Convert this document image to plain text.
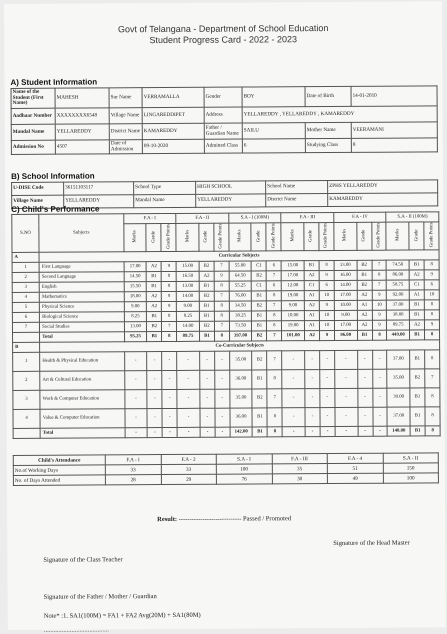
Govt of Telangana - Department of School Education
Student Progress Card - 2022 - 2023
A) Student Information
Name of the Student (First Name)	MAHESH	Sur Name	VERRAMALLA	Gender	BOY	Date of Birth	14-01-2010
Aadhaar Number	XXXXXXXX6548	Village Name	LINGAREDDIPET	Address	YELLAREDDY , YELLAREDDY , KAMAREDDY		
Mandal Name	YELLAREDDY	District Name	KAMAREDDY	Father / Guardian Name	SAILU	Mother Name	VEERAMANI
Admission No	4507	Date of Admission	09-10-2020	Admitted Class	6	Studying Class	8
B) School Information
U-DISE Code	36151103117	School Type	HIGH SCHOOL	School Name	ZPHS YELLAREDDY
Village Name	YELLAREDDY	Mandal Name	YELLAREDDY	District Name	KAMAREDDY
C) Child's Performance
S.NO	Subjects	F.A - I			F.A - II			S.A - I (100M)			F.A - III			F.A - IV			S.A - II (100M)		
		Marks	Grade	Grade Points	Marks	Grade	Grade Points	Marks	Grade	Grade Points	Marks	Grade	Grade Points	Marks	Grade	Grade Points	Marks	Grade	Grade Points
A	Curricular Subjects																		
1	First Language	17.00	A2	9	15.00	B2	7	55.00	C1	6	15.00	B1	8	13.00	B2	7	74.50	B1	8
2	Second Language	14.50	B1	8	16.50	A2	9	64.50	B2	7	17.00	A2	9	16.00	B1	8	86.00	A2	9
3	English	15.50	B1	8	13.00	B1	8	55.25	C1	6	12.00	C1	6	14.00	B2	7	58.75	C1	6
4	Mathematics	18.00	A2	9	14.00	B2	7	76.00	B1	8	19.00	A1	10	17.00	A2	9	92.00	A1	10
5	Physical Science	9.00	A2	9	9.00	B1	8	34.50	B2	7	9.00	A2	9	10.00	A1	10	37.00	B1	8
6	Biological Science	8.25	B1	8	8.25	B1	8	38.25	B1	8	10.00	A1	10	9.00	A2	9	38.88	B1	8
7	Social Studies	13.00	B2	7	14.00	B2	7	73.50	B1	8	19.00	A1	10	17.00	A2	9	89.75	A2	9
	Total	95.25	B1	8	89.75	B1	8	397.00	B2	7	101.00	A2	9	96.00	B1	8	449.00	B1	8
B	Co-Curricular Subjects																		
1	Health & Physical Education	-	-	-	-	-	-	35.00	B2	7	-	-	-	-	-	-	37.00	B1	8
2	Art & Cultural Education	-	-	-	-	-	-	36.00	B1	8	-	-	-	-	-	-	35.00	B2	7
3	Work & Computer Education	-	-	-	-	-	-	35.00	B2	7	-	-	-	-	-	-	39.00	B1	8
4	Value & Computer Education	-	-	-	-	-	-	36.00	B1	8	-	-	-	-	-	-	37.00	B1	8
	Total	-	-	-	-	-	-	142.00	B1	8	-	-	-	-	-	-	148.00	B1	8
Child's Attendance	F.A - I	F.A - 2	S.A - I	F.A - III	F.A - 4	S.A - II
No.of Working Days	33	33	100	35	51	150
No. of Days Attended	28	29	76	30	49	100
Result: ----------------------------- Passed / Promoted
Signature of the Head Master
Signature of the Class Teacher
Signature of the Father / Mother / Guardian
Note* :1. SA1(100M) = FA1 + FA2 Avg(20M) + SA1(80M)
........................................
